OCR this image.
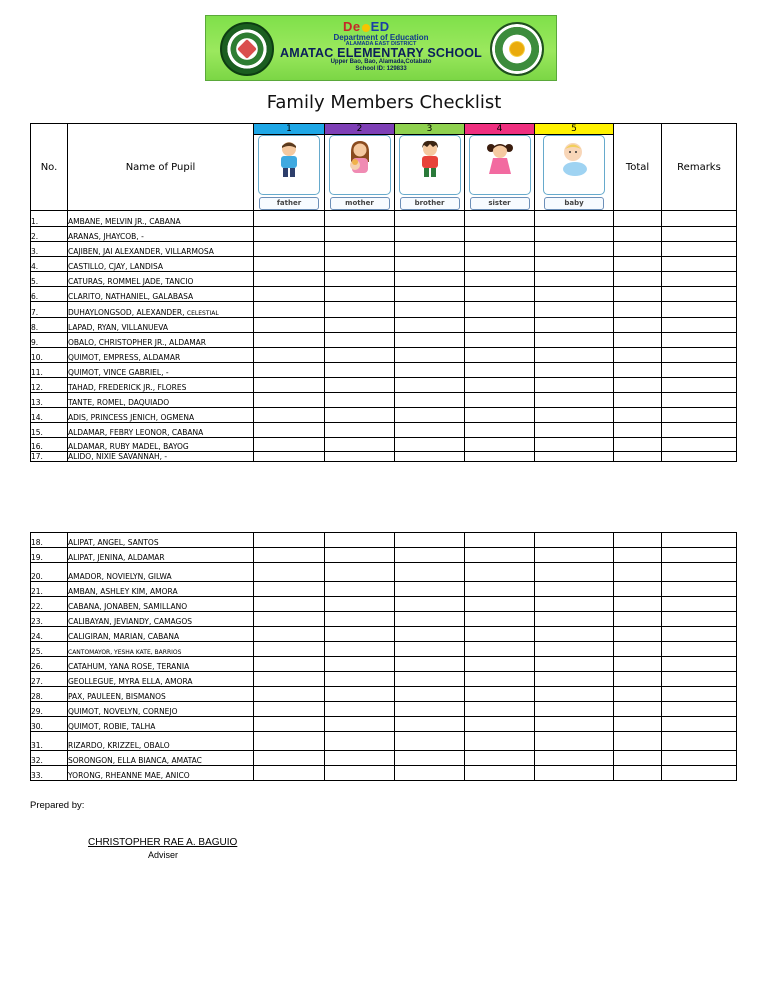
De ED
Department of Education
ALAMADA EAST DISTRICT
AMATAC ELEMENTARY SCHOOL
Upper Bao, Bao, Alamada,Cotabato
School ID: 129833
Family Members Checklist
No.	Name of Pupil	1	2	3	4	5	Total	Remarks

		father	mother	brother	sister	baby		

1.	AMBANE, MELVIN JR., CABANA							
2.	ARANAS, JHAYCOB, -							
3.	CAJIBEN, JAI ALEXANDER, VILLARMOSA							
4.	CASTILLO, CJAY, LANDISA							
5.	CATURAS, ROMMEL JADE, TANCIO							
6.	CLARITO, NATHANIEL, GALABASA							
7.	DUHAYLONGSOD, ALEXANDER, CELESTIAL							
8.	LAPAD, RYAN, VILLANUEVA							
9.	OBALO, CHRISTOPHER JR., ALDAMAR							
10.	QUIMOT, EMPRESS, ALDAMAR							
11.	QUIMOT, VINCE GABRIEL, -							
12.	TAHAD, FREDERICK JR., FLORES							
13.	TANTE, ROMEL, DAQUIADO							
14.	ADIS, PRINCESS JENICH, OGMENA							
15.	ALDAMAR, FEBRY LEONOR, CABANA							
16.	ALDAMAR, RUBY MADEL, BAYOG							
17.	ALIDO, NIXIE SAVANNAH, -							
18.	ALIPAT, ANGEL, SANTOS							
19.	ALIPAT, JENINA, ALDAMAR							
20.	AMADOR, NOVIELYN, GILWA							
21.	AMBAN, ASHLEY KIM, AMORA							
22.	CABANA, JONABEN, SAMILLANO							
23.	CALIBAYAN, JEVIANDY, CAMAGOS							
24.	CALIGIRAN, MARIAN, CABANA							
25.	CANTOMAYOR, YESHA KATE, BARRIOS							
26.	CATAHUM, YANA ROSE, TERANIA							
27.	GEOLLEGUE, MYRA ELLA, AMORA							
28.	PAX, PAULEEN, BISMANOS							
29.	QUIMOT, NOVELYN, CORNEJO							
30.	QUIMOT, ROBIE, TALHA							
31.	RIZARDO, KRIZZEL, OBALO							
32.	SORONGON, ELLA BIANCA, AMATAC							
33.	YORONG, RHEANNE MAE, ANICO							
Prepared by:
CHRISTOPHER RAE A. BAGUIO
Adviser
